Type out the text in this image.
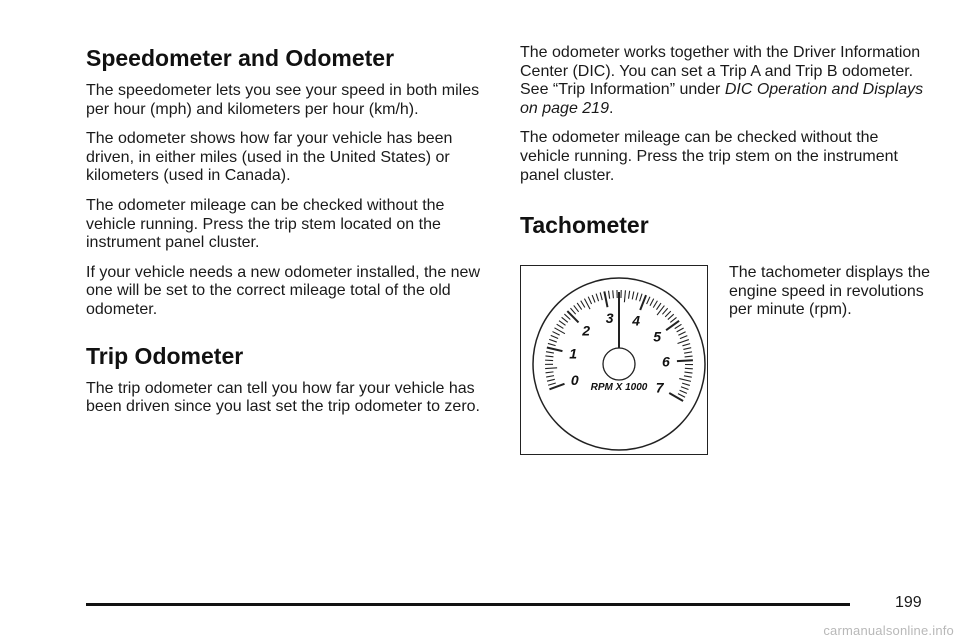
Speedometer and Odometer

The speedometer lets you see your speed in both miles per hour (mph) and kilometers per hour (km/h).

The odometer shows how far your vehicle has been driven, in either miles (used in the United States) or kilometers (used in Canada).

The odometer mileage can be checked without the vehicle running. Press the trip stem located on the instrument panel cluster.

If your vehicle needs a new odometer installed, the new one will be set to the correct mileage total of the old odometer.

Trip Odometer

The trip odometer can tell you how far your vehicle has been driven since you last set the trip odometer to zero.

The odometer works together with the Driver Information Center (DIC). You can set a Trip A and Trip B odometer. See “Trip Information” under DIC Operation and Displays on page 219.

The odometer mileage can be checked without the vehicle running. Press the trip stem on the instrument panel cluster.

Tachometer
0
1
2
3 4
5
6
7
RPM X 1000

The tachometer displays the engine speed in revolutions per minute (rpm).

199
carmanualsonline.info
